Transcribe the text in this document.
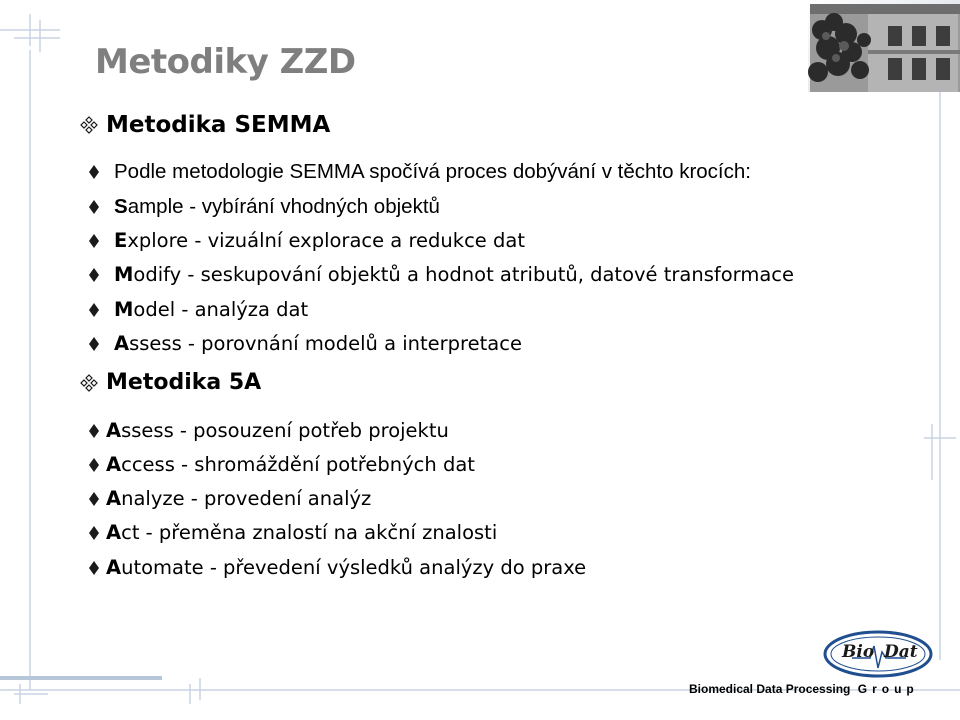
Metodiky ZZD
Metodika SEMMA
Podle metodologie SEMMA spočívá proces dobývání v těchto krocích:
S ample - vybírání vhodných objektů
E xplore - vizuální explorace a redukce dat
M odify - seskupování objektů a hodnot atributů, datové transformace
M odel - analýza dat
A ssess - porovnání modelů a interpretace
Metodika 5A
A ssess - posouzení potřeb projektu
A ccess - shromáždění potřebných dat
A nalyze - provedení analýz
A ct - přeměna znalostí na akční znalosti
A utomate - převedení výsledků analýzy do praxe
Bio Dat
Biomedical Data Processing Group
